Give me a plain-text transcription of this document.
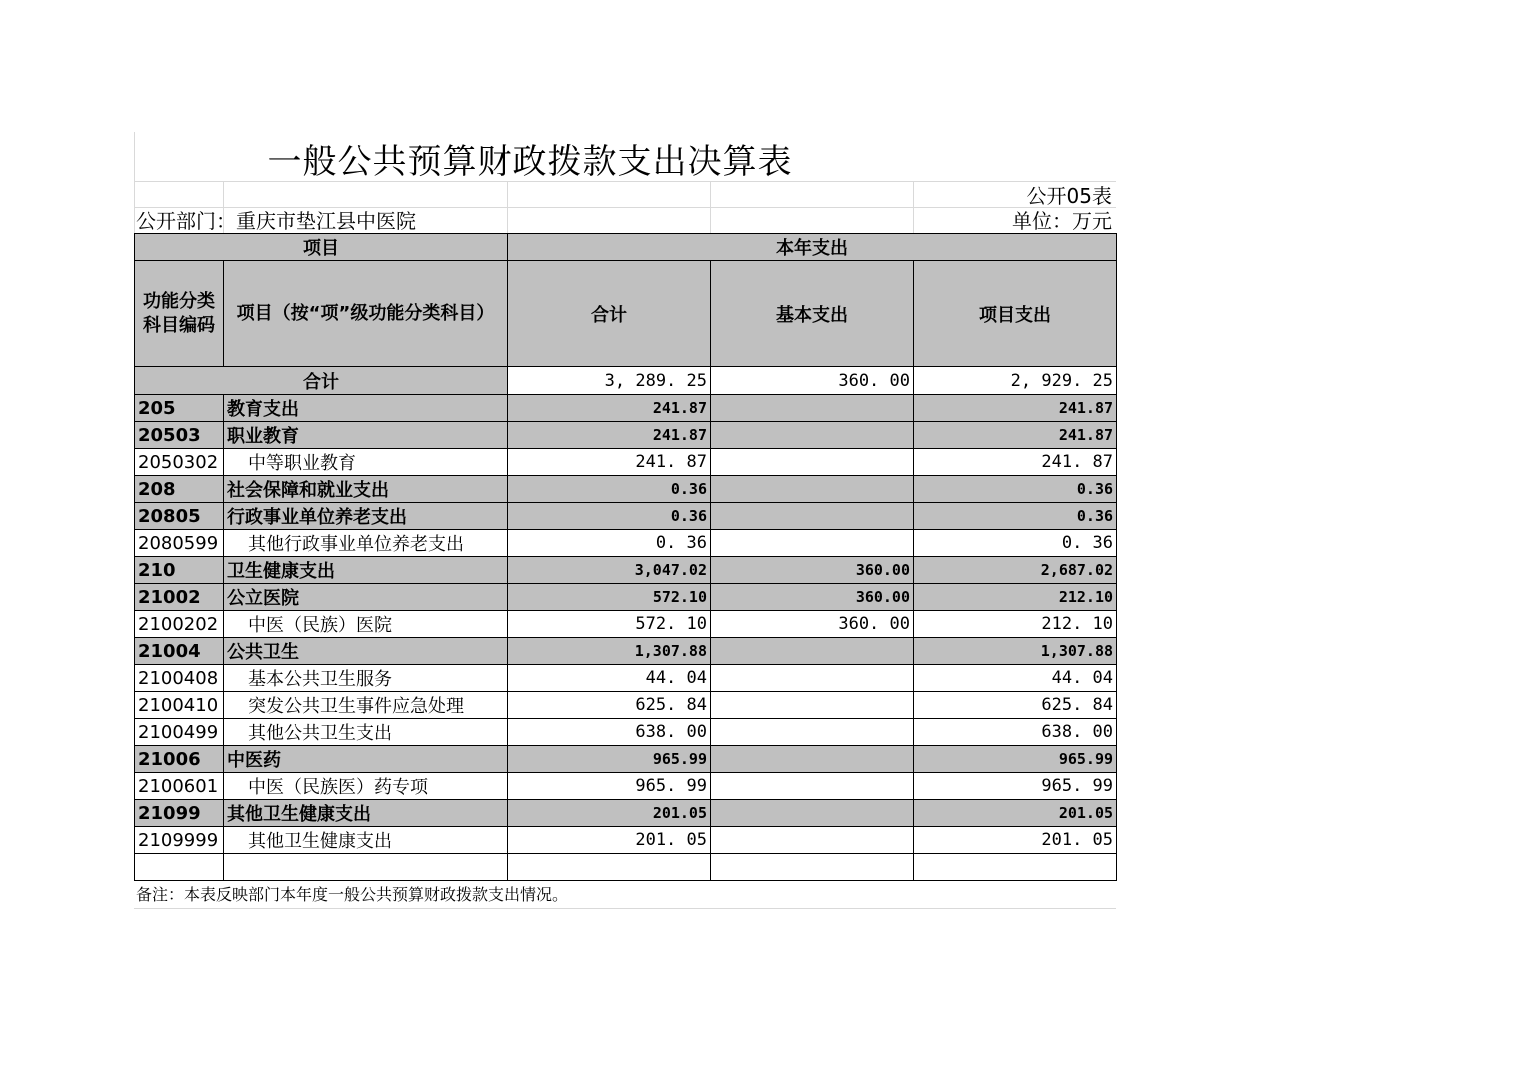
一般公共预算财政拨款支出决算表
公开05表
公开部门：重庆市垫江县中医院	单位：万元
项目		本年支出		
功能分类科目编码	项目（按“项”级功能分类科目）	合计	基本支出	项目支出
合计		3, 289. 25	360. 00	2, 929. 25
205	教育支出	241.87		241.87
20503	职业教育	241.87		241.87
2050302	中等职业教育	241. 87		241. 87
208	社会保障和就业支出	0.36		0.36
20805	行政事业单位养老支出	0.36		0.36
2080599	其他行政事业单位养老支出	0. 36		0. 36
210	卫生健康支出	3,047.02	360.00	2,687.02
21002	公立医院	572.10	360.00	212.10
2100202	中医（民族）医院	572. 10	360. 00	212. 10
21004	公共卫生	1,307.88		1,307.88
2100408	基本公共卫生服务	44. 04		44. 04
2100410	突发公共卫生事件应急处理	625. 84		625. 84
2100499	其他公共卫生支出	638. 00		638. 00
21006	中医药	965.99		965.99
2100601	中医（民族医）药专项	965. 99		965. 99
21099	其他卫生健康支出	201.05		201.05
2109999	其他卫生健康支出	201. 05		201. 05

备注：本表反映部门本年度一般公共预算财政拨款支出情况。
